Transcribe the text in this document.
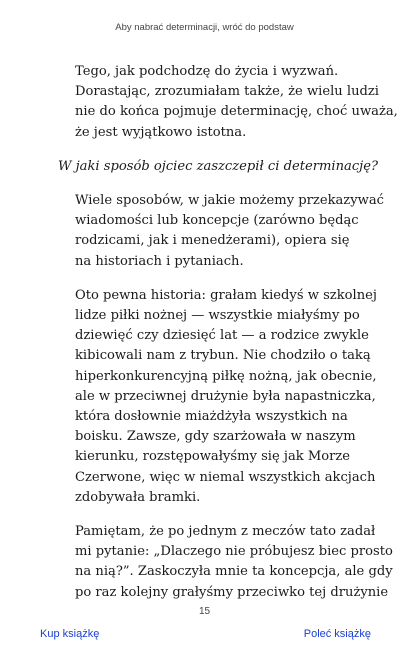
Aby nabrać determinacji, wróć do podstaw
Tego, jak podchodzę do życia i wyzwań.
Dorastając, zrozumiałam także, że wielu ludzi
nie do końca pojmuje determinację, choć uważa,
że jest wyjątkowo istotna.
W jaki sposób ojciec zaszczepił ci determinację?
Wiele sposobów, w jakie możemy przekazywać
wiadomości lub koncepcje (zarówno będąc
rodzicami, jak i menedżerami), opiera się
na historiach i pytaniach.
Oto pewna historia: grałam kiedyś w szkolnej
lidze piłki nożnej — wszystkie miałyśmy po
dziewięć czy dziesięć lat — a rodzice zwykle
kibicowali nam z trybun. Nie chodziło o taką
hiperkonkurencyjną piłkę nożną, jak obecnie,
ale w przeciwnej drużynie była napastniczka,
która dosłownie miażdżyła wszystkich na
boisku. Zawsze, gdy szarżowała w naszym
kierunku, rozstępowałyśmy się jak Morze
Czerwone, więc w niemal wszystkich akcjach
zdobywała bramki.
Pamiętam, że po jednym z meczów tato zadał
mi pytanie: „Dlaczego nie próbujesz biec prosto
na nią?”. Zaskoczyła mnie ta koncepcja, ale gdy
po raz kolejny grałyśmy przeciwko tej drużynie
15
Kup książkę	Poleć książkę
